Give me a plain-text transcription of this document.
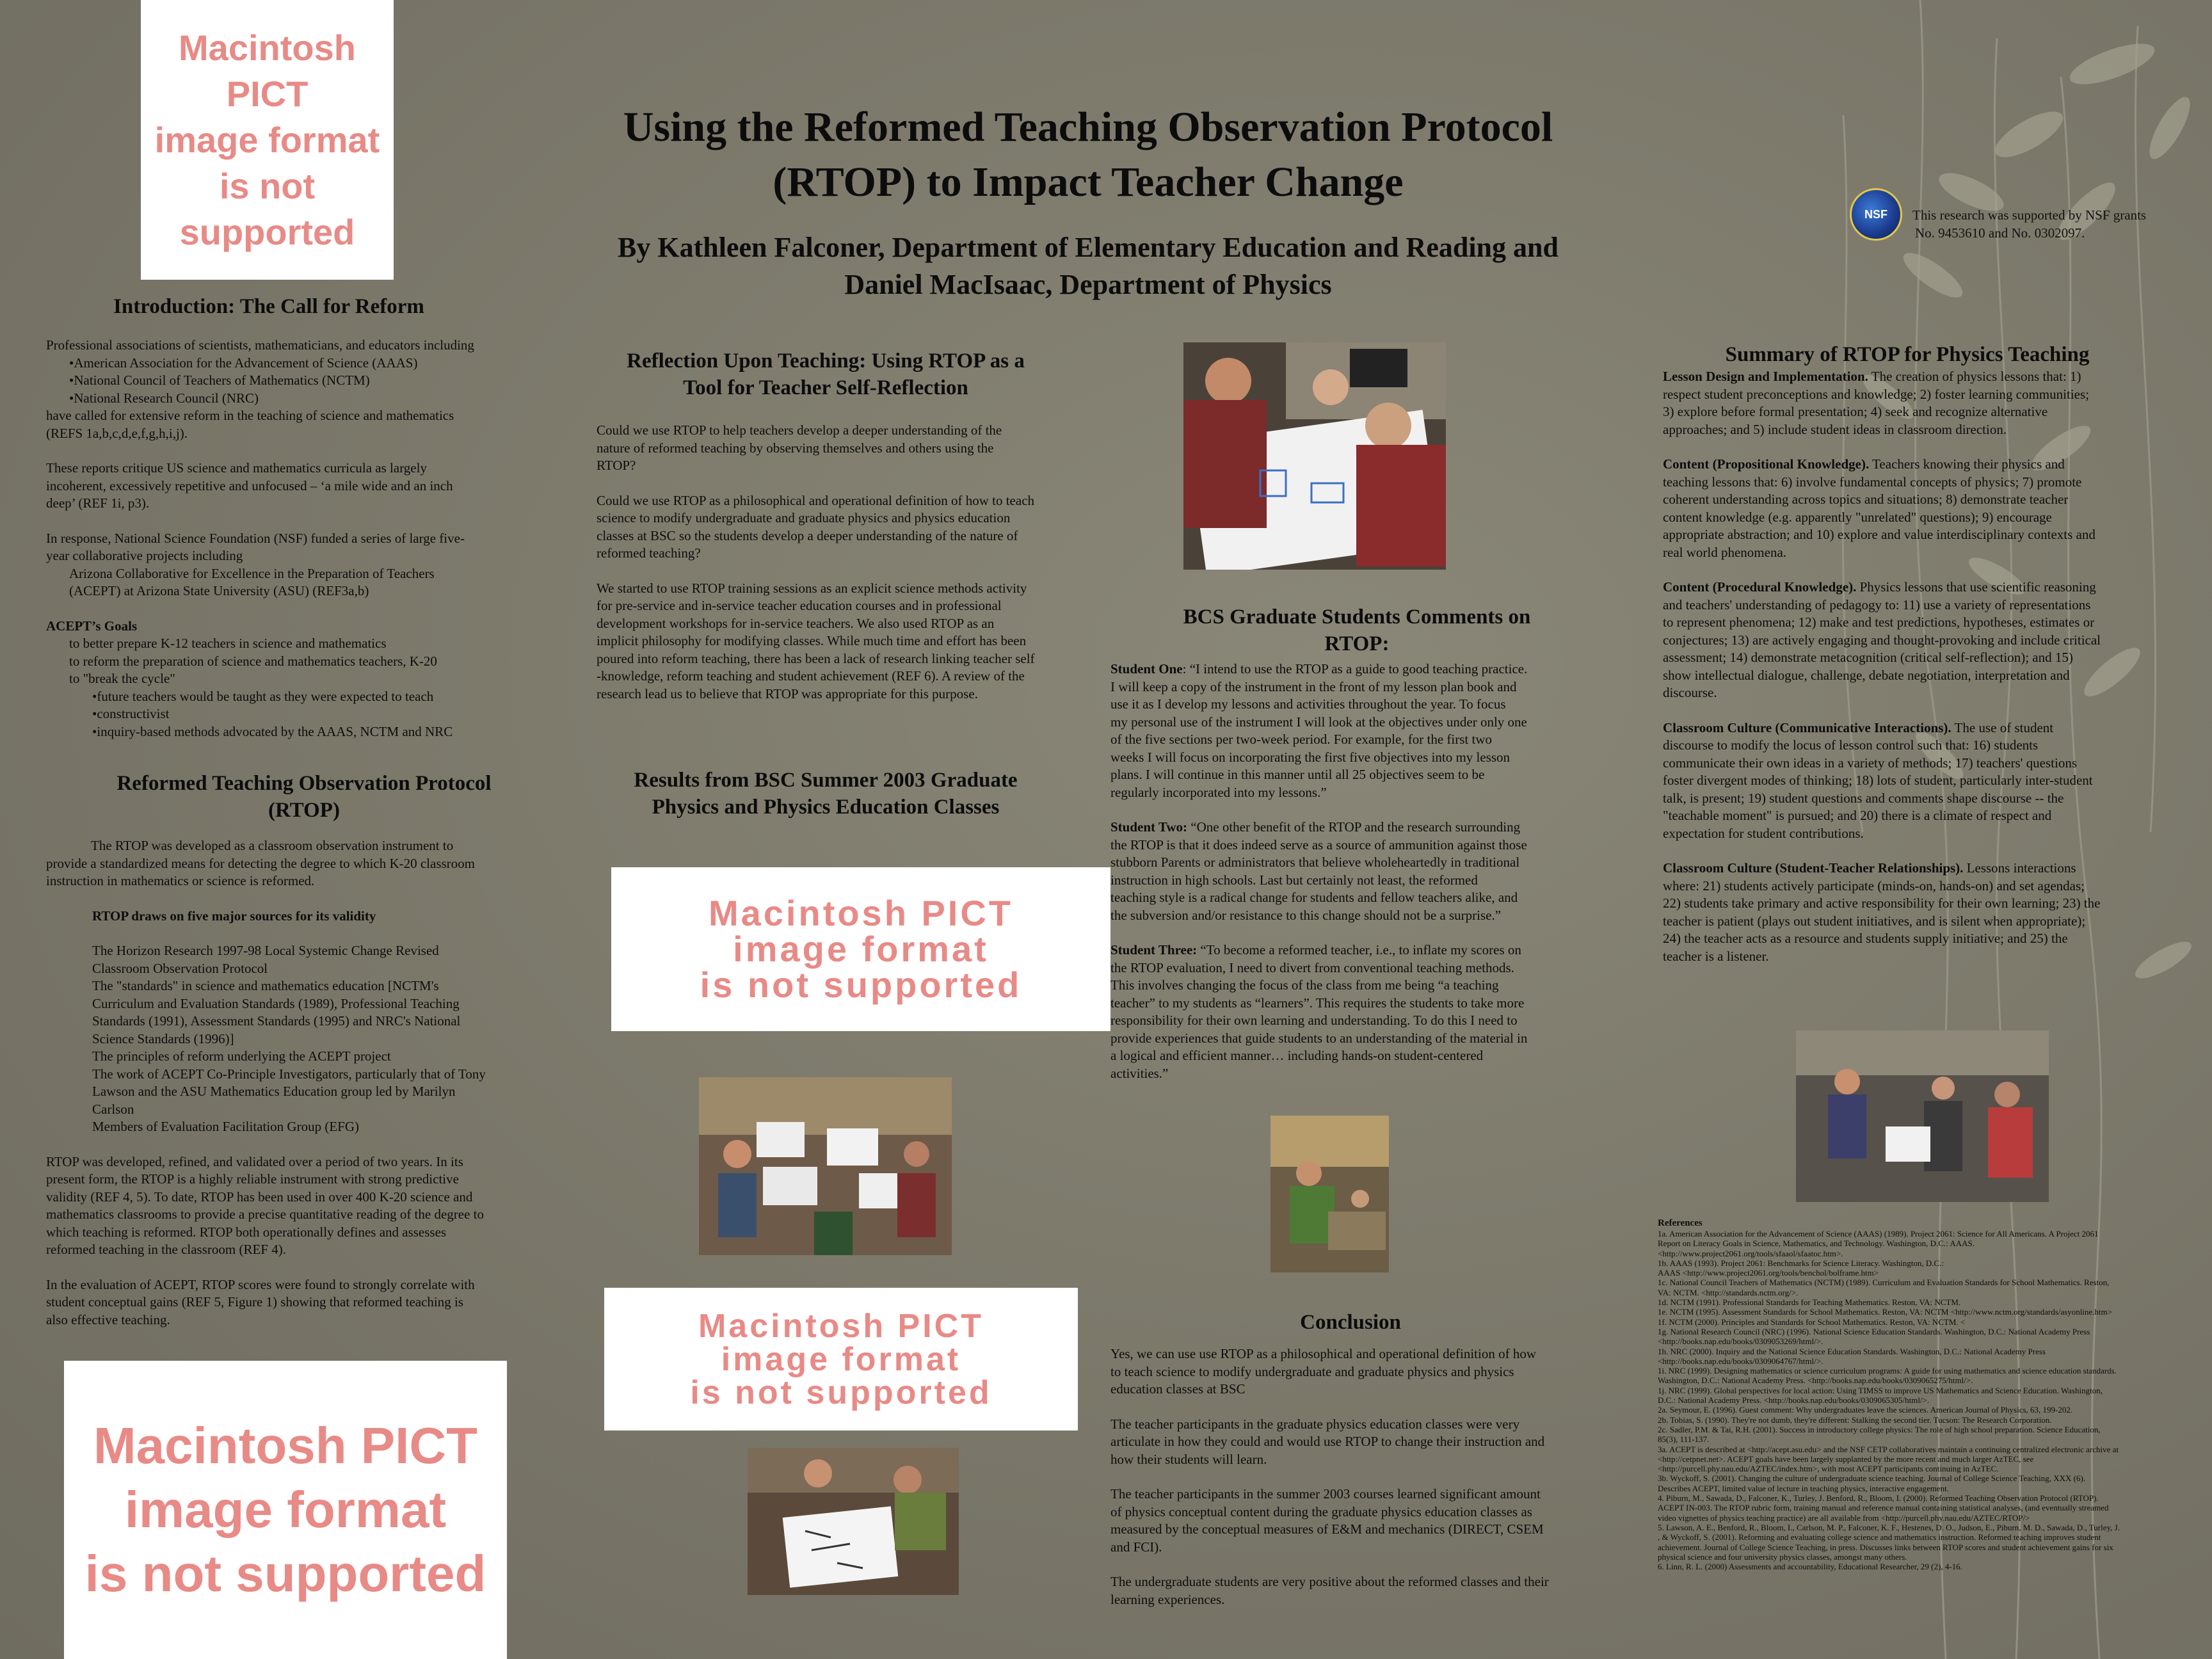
Macintosh PICT
image format
is not supported
Using the Reformed Teaching Observation Protocol
(RTOP) to Impact Teacher Change
By Kathleen Falconer, Department of Elementary Education and Reading and
Daniel MacIsaac, Department of Physics
NSF This research was supported by NSF grants
No. 9453610 and No. 0302097.
Introduction: The Call for Reform
Professional associations of scientists, mathematicians, and educators including
•American Association for the Advancement of Science (AAAS)
•National Council of Teachers of Mathematics (NCTM)
•National Research Council (NRC)
have called for extensive reform in the teaching of science and mathematics
(REFS 1a,b,c,d,e,f,g,h,i,j).
These reports critique US science and mathematics curricula as largely
incoherent, excessively repetitive and unfocused – ‘a mile wide and an inch
deep’ (REF 1i, p3).
In response, National Science Foundation (NSF) funded a series of large five-
year collaborative projects including
Arizona Collaborative for Excellence in the Preparation of Teachers
(ACEPT) at Arizona State University (ASU) (REF3a,b)
ACEPT’s Goals
to better prepare K-12 teachers in science and mathematics
to reform the preparation of science and mathematics teachers, K-20
to "break the cycle"
•future teachers would be taught as they were expected to teach
•constructivist
•inquiry-based methods advocated by the AAAS, NCTM and NRC
Reformed Teaching Observation Protocol
(RTOP)
The RTOP was developed as a classroom observation instrument to
provide a standardized means for detecting the degree to which K-20 classroom
instruction in mathematics or science is reformed.
RTOP draws on five major sources for its validity
The Horizon Research 1997-98 Local Systemic Change Revised
Classroom Observation Protocol
The "standards" in science and mathematics education [NCTM's
Curriculum and Evaluation Standards (1989), Professional Teaching
Standards (1991), Assessment Standards (1995) and NRC's National
Science Standards (1996)]
The principles of reform underlying the ACEPT project
The work of ACEPT Co-Principle Investigators, particularly that of Tony
Lawson and the ASU Mathematics Education group led by Marilyn
Carlson
Members of Evaluation Facilitation Group (EFG)
RTOP was developed, refined, and validated over a period of two years. In its
present form, the RTOP is a highly reliable instrument with strong predictive
validity (REF 4, 5). To date, RTOP has been used in over 400 K-20 science and
mathematics classrooms to provide a precise quantitative reading of the degree to
which teaching is reformed. RTOP both operationally defines and assesses
reformed teaching in the classroom (REF 4).
In the evaluation of ACEPT, RTOP scores were found to strongly correlate with
student conceptual gains (REF 5, Figure 1) showing that reformed teaching is
also effective teaching.
Macintosh PICT
image format
is not supported
Reflection Upon Teaching: Using RTOP as a
Tool for Teacher Self-Reflection
Could we use RTOP to help teachers develop a deeper understanding of the
nature of reformed teaching by observing themselves and others using the
RTOP?
Could we use RTOP as a philosophical and operational definition of how to teach
science to modify undergraduate and graduate physics and physics education
classes at BSC so the students develop a deeper understanding of the nature of
reformed teaching?
We started to use RTOP training sessions as an explicit science methods activity
for pre-service and in-service teacher education courses and in professional
development workshops for in-service teachers. We also used RTOP as an
implicit philosophy for modifying classes. While much time and effort has been
poured into reform teaching, there has been a lack of research linking teacher self
-knowledge, reform teaching and student achievement (REF 6). A review of the
research lead us to believe that RTOP was appropriate for this purpose.
Results from BSC Summer 2003 Graduate
Physics and Physics Education Classes
Macintosh PICT
image format
is not supported
Macintosh PICT
image format
is not supported
BCS Graduate Students Comments on
RTOP:
Student One: “I intend to use the RTOP as a guide to good teaching practice.
I will keep a copy of the instrument in the front of my lesson plan book and
use it as I develop my lessons and activities throughout the year. To focus
my personal use of the instrument I will look at the objectives under only one
of the five sections per two-week period. For example, for the first two
weeks I will focus on incorporating the first five objectives into my lesson
plans. I will continue in this manner until all 25 objectives seem to be
regularly incorporated into my lessons.”
Student Two: “One other benefit of the RTOP and the research surrounding
the RTOP is that it does indeed serve as a source of ammunition against those
stubborn Parents or administrators that believe wholeheartedly in traditional
instruction in high schools. Last but certainly not least, the reformed
teaching style is a radical change for students and fellow teachers alike, and
the subversion and/or resistance to this change should not be a surprise.”
Student Three: “To become a reformed teacher, i.e., to inflate my scores on
the RTOP evaluation, I need to divert from conventional teaching methods.
This involves changing the focus of the class from me being “a teaching
teacher” to my students as “learners”. This requires the students to take more
responsibility for their own learning and understanding. To do this I need to
provide experiences that guide students to an understanding of the material in
a logical and efficient manner… including hands-on student-centered
activities.”
Conclusion
Yes, we can use use RTOP as a philosophical and operational definition of how
to teach science to modify undergraduate and graduate physics and physics
education classes at BSC
The teacher participants in the graduate physics education classes were very
articulate in how they could and would use RTOP to change their instruction and
how their students will learn.
The teacher participants in the summer 2003 courses learned significant amount
of physics conceptual content during the graduate physics education classes as
measured by the conceptual measures of E&M and mechanics (DIRECT, CSEM
and FCI).
The undergraduate students are very positive about the reformed classes and their
learning experiences.
Summary of RTOP for Physics Teaching
Lesson Design and Implementation. The creation of physics lessons that: 1)
respect student preconceptions and knowledge; 2) foster learning communities;
3) explore before formal presentation; 4) seek and recognize alternative
approaches; and 5) include student ideas in classroom direction.
Content (Propositional Knowledge). Teachers knowing their physics and
teaching lessons that: 6) involve fundamental concepts of physics; 7) promote
coherent understanding across topics and situations; 8) demonstrate teacher
content knowledge (e.g. apparently "unrelated" questions); 9) encourage
appropriate abstraction; and 10) explore and value interdisciplinary contexts and
real world phenomena.
Content (Procedural Knowledge). Physics lessons that use scientific reasoning
and teachers' understanding of pedagogy to: 11) use a variety of representations
to represent phenomena; 12) make and test predictions, hypotheses, estimates or
conjectures; 13) are actively engaging and thought-provoking and include critical
assessment; 14) demonstrate metacognition (critical self-reflection); and 15)
show intellectual dialogue, challenge, debate negotiation, interpretation and
discourse.
Classroom Culture (Communicative Interactions). The use of student
discourse to modify the locus of lesson control such that: 16) students
communicate their own ideas in a variety of methods; 17) teachers' questions
foster divergent modes of thinking; 18) lots of student, particularly inter-student
talk, is present; 19) student questions and comments shape discourse -- the
"teachable moment" is pursued; and 20) there is a climate of respect and
expectation for student contributions.
Classroom Culture (Student-Teacher Relationships). Lessons interactions
where: 21) students actively participate (minds-on, hands-on) and set agendas;
22) students take primary and active responsibility for their own learning; 23) the
teacher is patient (plays out student initiatives, and is silent when appropriate);
24) the teacher acts as a resource and students supply initiative; and 25) the
teacher is a listener.
References
1a. American Association for the Advancement of Science (AAAS) (1989). Project 2061: Science for All Americans. A Project 2061
Report on Literacy Goals in Science, Mathematics, and Technology. Washington, D.C.: AAAS.
<http://www.project2061.org/tools/sfaaol/sfaatoc.htm>.
1b. AAAS (1993). Project 2061: Benchmarks for Science Literacy. Washington, D.C.:
AAAS <http://www.project2061.org/tools/benchol/bolframe.htm>
1c. National Council Teachers of Mathematics (NCTM) (1989). Curriculum and Evaluation Standards for School Mathematics. Reston,
VA: NCTM. <http://standards.nctm.org/>.
1d. NCTM (1991). Professional Standards for Teaching Mathematics. Reston, VA: NCTM.
1e. NCTM (1995). Assessment Standards for School Mathematics. Reston, VA: NCTM <http://www.nctm.org/standards/asyonline.htm>
1f. NCTM (2000). Principles and Standards for School Mathematics. Reston, VA: NCTM. <
1g. National Research Council (NRC) (1996). National Science Education Standards. Washington, D.C.: National Academy Press
<http://books.nap.edu/books/0309053269/html/>.
1h. NRC (2000). Inquiry and the National Science Education Standards. Washington, D.C.: National Academy Press
<http://books.nap.edu/books/0309064767/html/>.
1i. NRC (1999). Designing mathematics or science curriculum programs: A guide for using mathematics and science education standards.
Washington, D.C.: National Academy Press. <http://books.nap.edu/books/0309065275/html/>.
1j. NRC (1999). Global perspectives for local action: Using TIMSS to improve US Mathematics and Science Education. Washington,
D.C.: National Academy Press. <http://books.nap.edu/books/0309065305/html/>.
2a. Seymour, E. (1996). Guest comment: Why undergraduates leave the sciences. American Journal of Physics, 63, 199-202.
2b. Tobias, S. (1990). They're not dumb, they're different: Stalking the second tier. Tucson: The Research Corporation.
2c. Sadler, P.M. & Tai, R.H. (2001). Success in introductory college physics: The role of high school preparation. Science Education,
85(3), 111-137.
3a. ACEPT is described at <http://acept.asu.edu> and the NSF CETP collaboratives maintain a continuing centralized electronic archive at
<http://cetpnet.net>. ACEPT goals have been largely supplanted by the more recent and much larger AzTEC, see
<http://purcell.phy.nau.edu/AZTEC/index.htm>, with most ACEPT participants continuing in AzTEC.
3b. Wyckoff, S. (2001). Changing the culture of undergraduate science teaching. Journal of College Science Teaching, XXX (6).
Describes ACEPT, limited value of lecture in teaching physics, interactive engagement.
4. Piburn, M., Sawada, D., Falconer, K., Turley, J. Benford, R., Bloom, I. (2000). Reformed Teaching Observation Protocol (RTOP).
ACEPT IN-003. The RTOP rubric form, training manual and reference manual containing statistical analyses, (and eventually streamed
video vignettes of physics teaching practice) are all available from <http://purcell.phy.nau.edu/AZTEC/RTOP/>
5. Lawson, A. E., Benford, R., Bloom, I., Carlson, M. P., Falconer, K. F., Hestenes, D. O., Judson, E., Piburn, M. D., Sawada, D., Turley, J.
, & Wyckoff, S. (2001). Reforming and evaluating college science and mathematics instruction. Reformed teaching improves student
achievement. Journal of College Science Teaching, in press. Discusses links between RTOP scores and student achievement gains for six
physical science and four university physics classes, amongst many others.
6. Linn, R. L. (2000) Assessments and accountability, Educational Researcher, 29 (2), 4-16.
